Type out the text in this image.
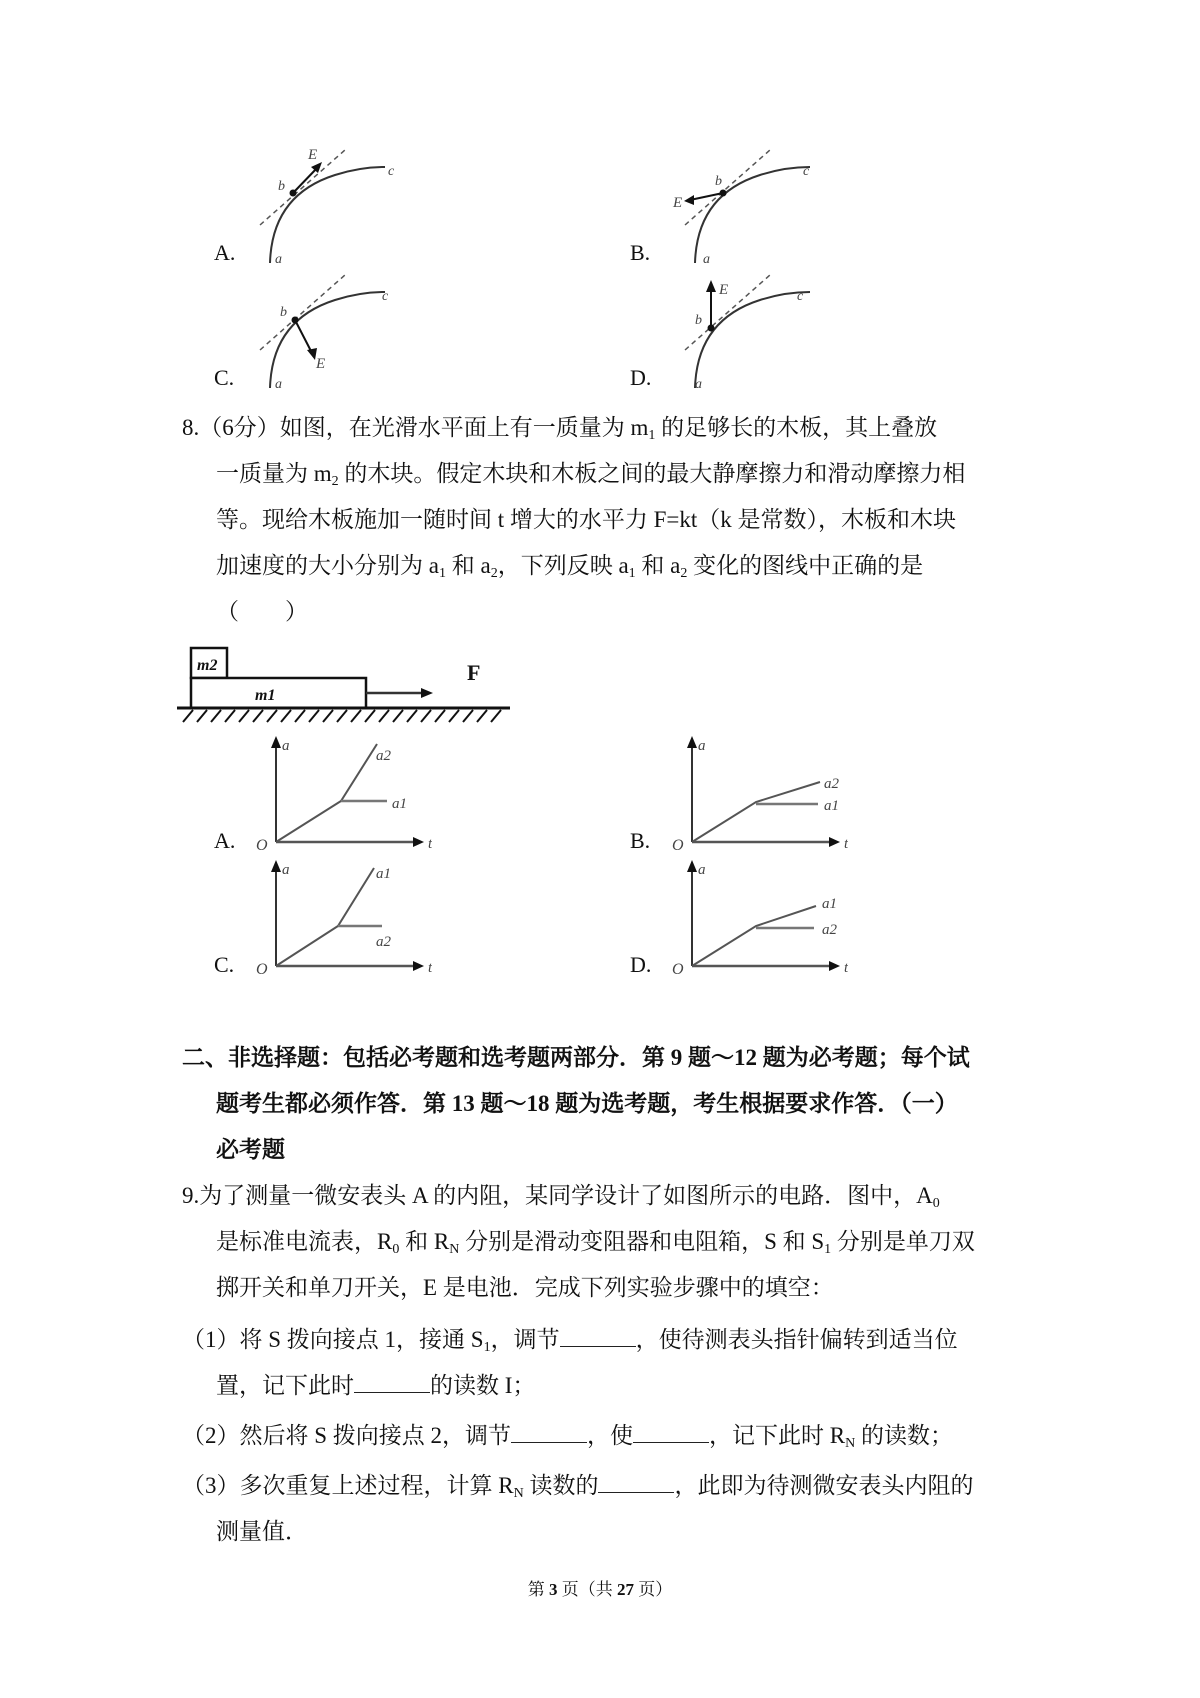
E
b
c
a
A.
E
b
c
a
B.
E
b
c
a
C.
E
b
c
a
D.
8.（6分）如图，在光滑水平面上有一质量为 $m_1$ 的足够长的木板，其上叠放
一质量为 $m_2$ 的木块。假定木块和木板之间的最大静摩擦力和滑动摩擦力相
等。现给木板施加一随时间 t 增大的水平力 F=kt（k 是常数），木板和木块
加速度的大小分别为 $a_1$ 和 $a_2$，下列反映 $a_1$ 和 $a_2$ 变化的图线中正确的是
（　　）
m2
m1
F
A.
a
t
O
a2
a1
B.
a
t
O
a2
a1
C.
a
t
O
a1
a2
D.
a
t
O
a1
a2
二、非选择题：包括必考题和选考题两部分．第 9 题～12 题为必考题；每个试
题考生都必须作答．第 13 题～18 题为选考题，考生根据要求作答．（一）
必考题
9.为了测量一微安表头 A 的内阻，某同学设计了如图所示的电路．图中，$A_0$
是标准电流表，$R_0$ 和 $R_N$ 分别是滑动变阻器和电阻箱，S 和 $S_1$ 分别是单刀双
掷开关和单刀开关，E 是电池．完成下列实验步骤中的填空：
（1）将 S 拨向接点 1，接通 $S_1$，调节	，使待测表头指针偏转到适当位
置，记下此时	的读数 I；
（2）然后将 S 拨向接点 2，调节	，使	，记下此时 $R_N$ 的读数；
（3）多次重复上述过程，计算 $R_N$ 读数的	，此即为待测微安表头内阻的
测量值．
第 3 页（共 27 页）
